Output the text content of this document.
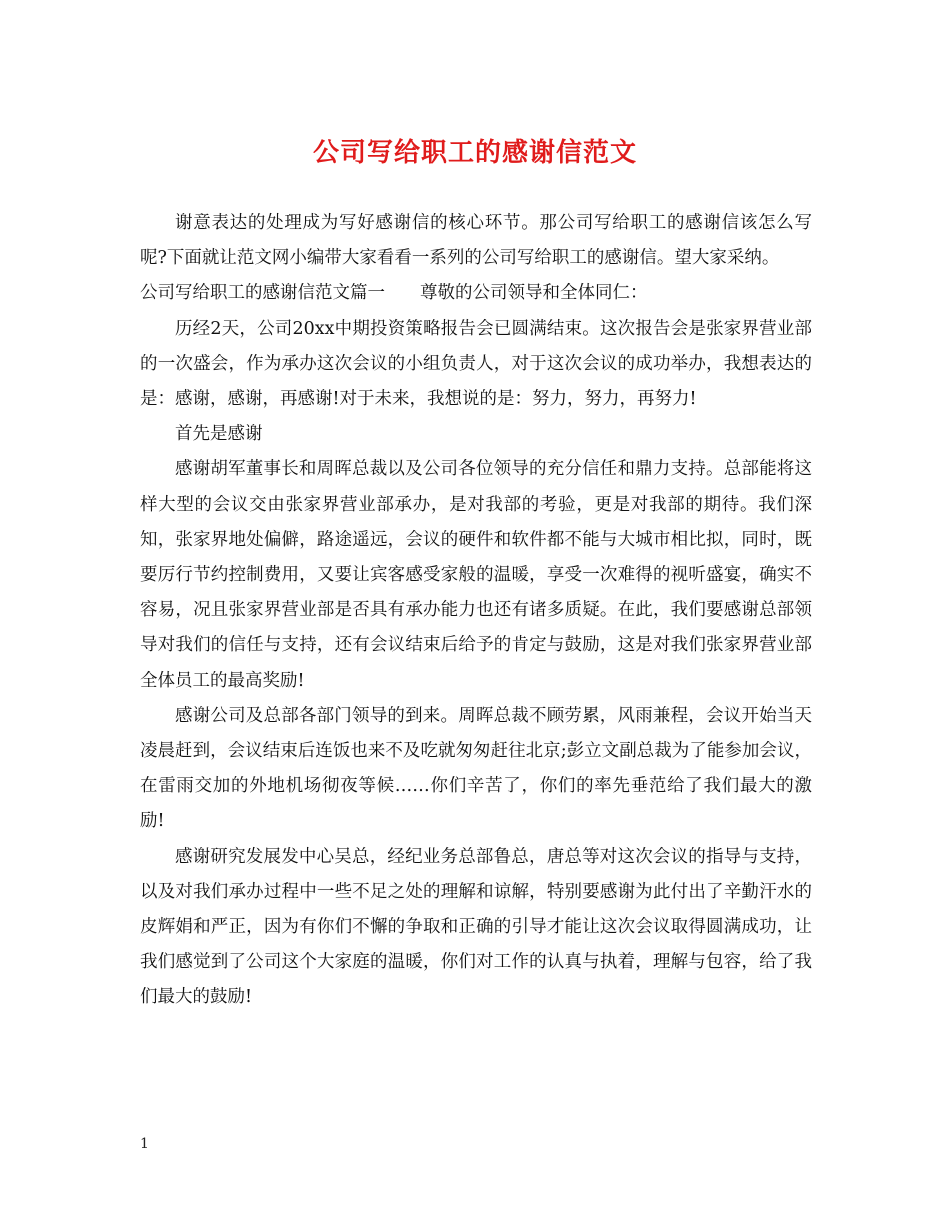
公司写给职工的感谢信范文

谢意表达的处理成为写好感谢信的核心环节。那公司写给职工的感谢信该怎么写呢?下面就让范文网小编带大家看看一系列的公司写给职工的感谢信。望大家采纳。

公司写给职工的感谢信范文篇一　　尊敬的公司领导和全体同仁：

历经2天，公司20xx中期投资策略报告会已圆满结束。这次报告会是张家界营业部的一次盛会，作为承办这次会议的小组负责人，对于这次会议的成功举办，我想表达的是：感谢，感谢，再感谢!对于未来，我想说的是：努力，努力，再努力!

首先是感谢

感谢胡军董事长和周晖总裁以及公司各位领导的充分信任和鼎力支持。总部能将这样大型的会议交由张家界营业部承办，是对我部的考验，更是对我部的期待。我们深知，张家界地处偏僻，路途遥远，会议的硬件和软件都不能与大城市相比拟，同时，既要厉行节约控制费用，又要让宾客感受家般的温暖，享受一次难得的视听盛宴，确实不容易，况且张家界营业部是否具有承办能力也还有诸多质疑。在此，我们要感谢总部领导对我们的信任与支持，还有会议结束后给予的肯定与鼓励，这是对我们张家界营业部全体员工的最高奖励!

感谢公司及总部各部门领导的到来。周晖总裁不顾劳累，风雨兼程，会议开始当天凌晨赶到，会议结束后连饭也来不及吃就匆匆赶往北京;彭立文副总裁为了能参加会议，在雷雨交加的外地机场彻夜等候……你们辛苦了，你们的率先垂范给了我们最大的激励!

感谢研究发展发中心吴总，经纪业务总部鲁总，唐总等对这次会议的指导与支持，以及对我们承办过程中一些不足之处的理解和谅解，特别要感谢为此付出了辛勤汗水的皮辉娟和严正，因为有你们不懈的争取和正确的引导才能让这次会议取得圆满成功，让我们感觉到了公司这个大家庭的温暖，你们对工作的认真与执着，理解与包容，给了我们最大的鼓励!

1
